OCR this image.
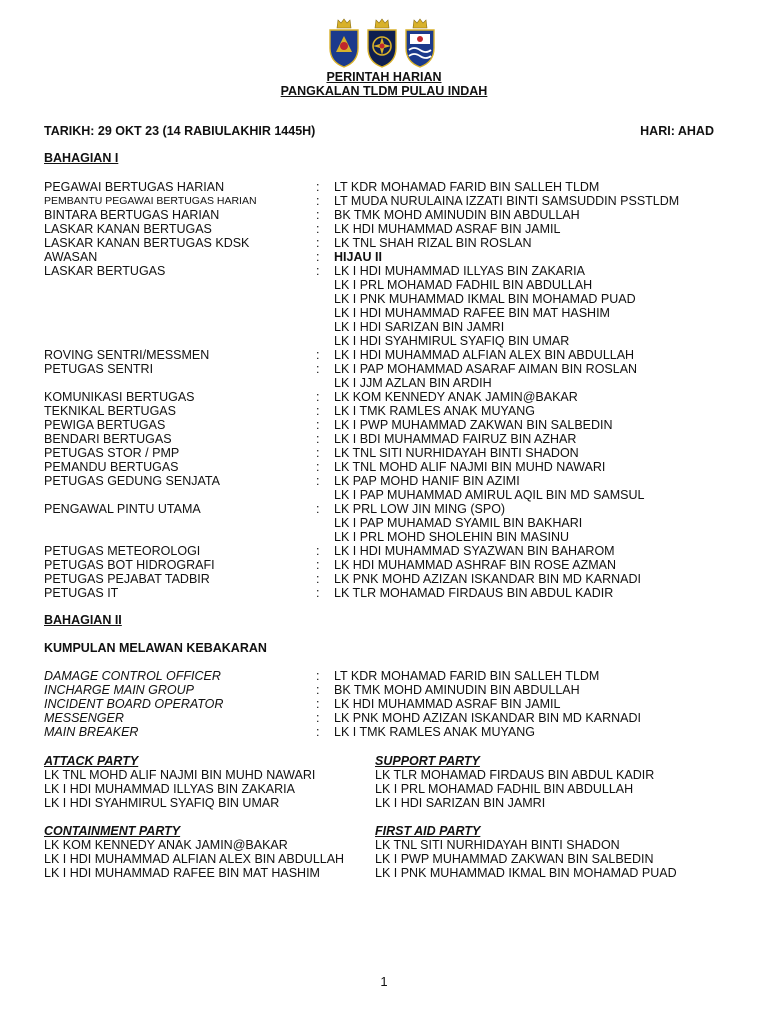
PERINTAH HARIAN
PANGKALAN TLDM PULAU INDAH
TARIKH: 29 OKT 23 (14 RABIULAKHIR 1445H)	HARI: AHAD
BAHAGIAN I
PEGAWAI BERTUGAS HARIAN	:	LT KDR MOHAMAD FARID BIN SALLEH TLDM
PEMBANTU PEGAWAI BERTUGAS HARIAN	:	LT MUDA NURULAINA IZZATI BINTI SAMSUDDIN PSSTLDM
BINTARA BERTUGAS HARIAN	:	BK TMK MOHD AMINUDIN BIN ABDULLAH
LASKAR KANAN BERTUGAS	:	LK HDI MUHAMMAD ASRAF BIN JAMIL
LASKAR KANAN BERTUGAS KDSK	:	LK TNL SHAH RIZAL BIN ROSLAN
AWASAN	:	HIJAU II
LASKAR BERTUGAS	:	LK I HDI MUHAMMAD ILLYAS BIN ZAKARIA
LK I PRL MOHAMAD FADHIL BIN ABDULLAH
LK I PNK MUHAMMAD IKMAL BIN MOHAMAD PUAD
LK I HDI MUHAMMAD RAFEE BIN MAT HASHIM
LK I HDI SARIZAN BIN JAMRI
LK I HDI SYAHMIRUL SYAFIQ BIN UMAR
ROVING SENTRI/MESSMEN	:	LK I HDI MUHAMMAD ALFIAN ALEX BIN ABDULLAH
PETUGAS SENTRI	:	LK I PAP MOHAMMAD ASARAF AIMAN BIN ROSLAN
LK I JJM AZLAN BIN ARDIH
KOMUNIKASI BERTUGAS	:	LK KOM KENNEDY ANAK JAMIN@BAKAR
TEKNIKAL BERTUGAS	:	LK I TMK RAMLES ANAK MUYANG
PEWIGA BERTUGAS	:	LK I PWP MUHAMMAD ZAKWAN BIN SALBEDIN
BENDARI BERTUGAS	:	LK I BDI MUHAMMAD FAIRUZ BIN AZHAR
PETUGAS STOR / PMP	:	LK TNL SITI NURHIDAYAH BINTI SHADON
PEMANDU BERTUGAS	:	LK TNL MOHD ALIF NAJMI BIN MUHD NAWARI
PETUGAS GEDUNG SENJATA	:	LK PAP MOHD HANIF BIN AZIMI
LK I PAP MUHAMMAD AMIRUL AQIL BIN MD SAMSUL
PENGAWAL PINTU UTAMA	:	LK PRL LOW JIN MING (SPO)
LK I PAP MUHAMAD SYAMIL BIN BAKHARI
LK I PRL MOHD SHOLEHIN BIN MASINU
PETUGAS METEOROLOGI	:	LK I HDI MUHAMMAD SYAZWAN BIN BAHAROM
PETUGAS BOT HIDROGRAFI	:	LK HDI MUHAMMAD ASHRAF BIN ROSE AZMAN
PETUGAS PEJABAT TADBIR	:	LK PNK MOHD AZIZAN ISKANDAR BIN MD KARNADI
PETUGAS IT	:	LK TLR MOHAMAD FIRDAUS BIN ABDUL KADIR
BAHAGIAN II
KUMPULAN MELAWAN KEBAKARAN
DAMAGE CONTROL OFFICER	:	LT KDR MOHAMAD FARID BIN SALLEH TLDM
INCHARGE MAIN GROUP	:	BK TMK MOHD AMINUDIN BIN ABDULLAH
INCIDENT BOARD OPERATOR	:	LK HDI MUHAMMAD ASRAF BIN JAMIL
MESSENGER	:	LK PNK MOHD AZIZAN ISKANDAR BIN MD KARNADI
MAIN BREAKER	:	LK I TMK RAMLES ANAK MUYANG
ATTACK PARTY
LK TNL MOHD ALIF NAJMI BIN MUHD NAWARI
LK I HDI MUHAMMAD ILLYAS BIN ZAKARIA
LK I HDI SYAHMIRUL SYAFIQ BIN UMAR
SUPPORT PARTY
LK TLR MOHAMAD FIRDAUS BIN ABDUL KADIR
LK I PRL MOHAMAD FADHIL BIN ABDULLAH
LK I HDI SARIZAN BIN JAMRI
CONTAINMENT PARTY
LK KOM KENNEDY ANAK JAMIN@BAKAR
LK I HDI MUHAMMAD ALFIAN ALEX BIN ABDULLAH
LK I HDI MUHAMMAD RAFEE BIN MAT HASHIM
FIRST AID PARTY
LK TNL SITI NURHIDAYAH BINTI SHADON
LK I PWP MUHAMMAD ZAKWAN BIN SALBEDIN
LK I PNK MUHAMMAD IKMAL BIN MOHAMAD PUAD
1
